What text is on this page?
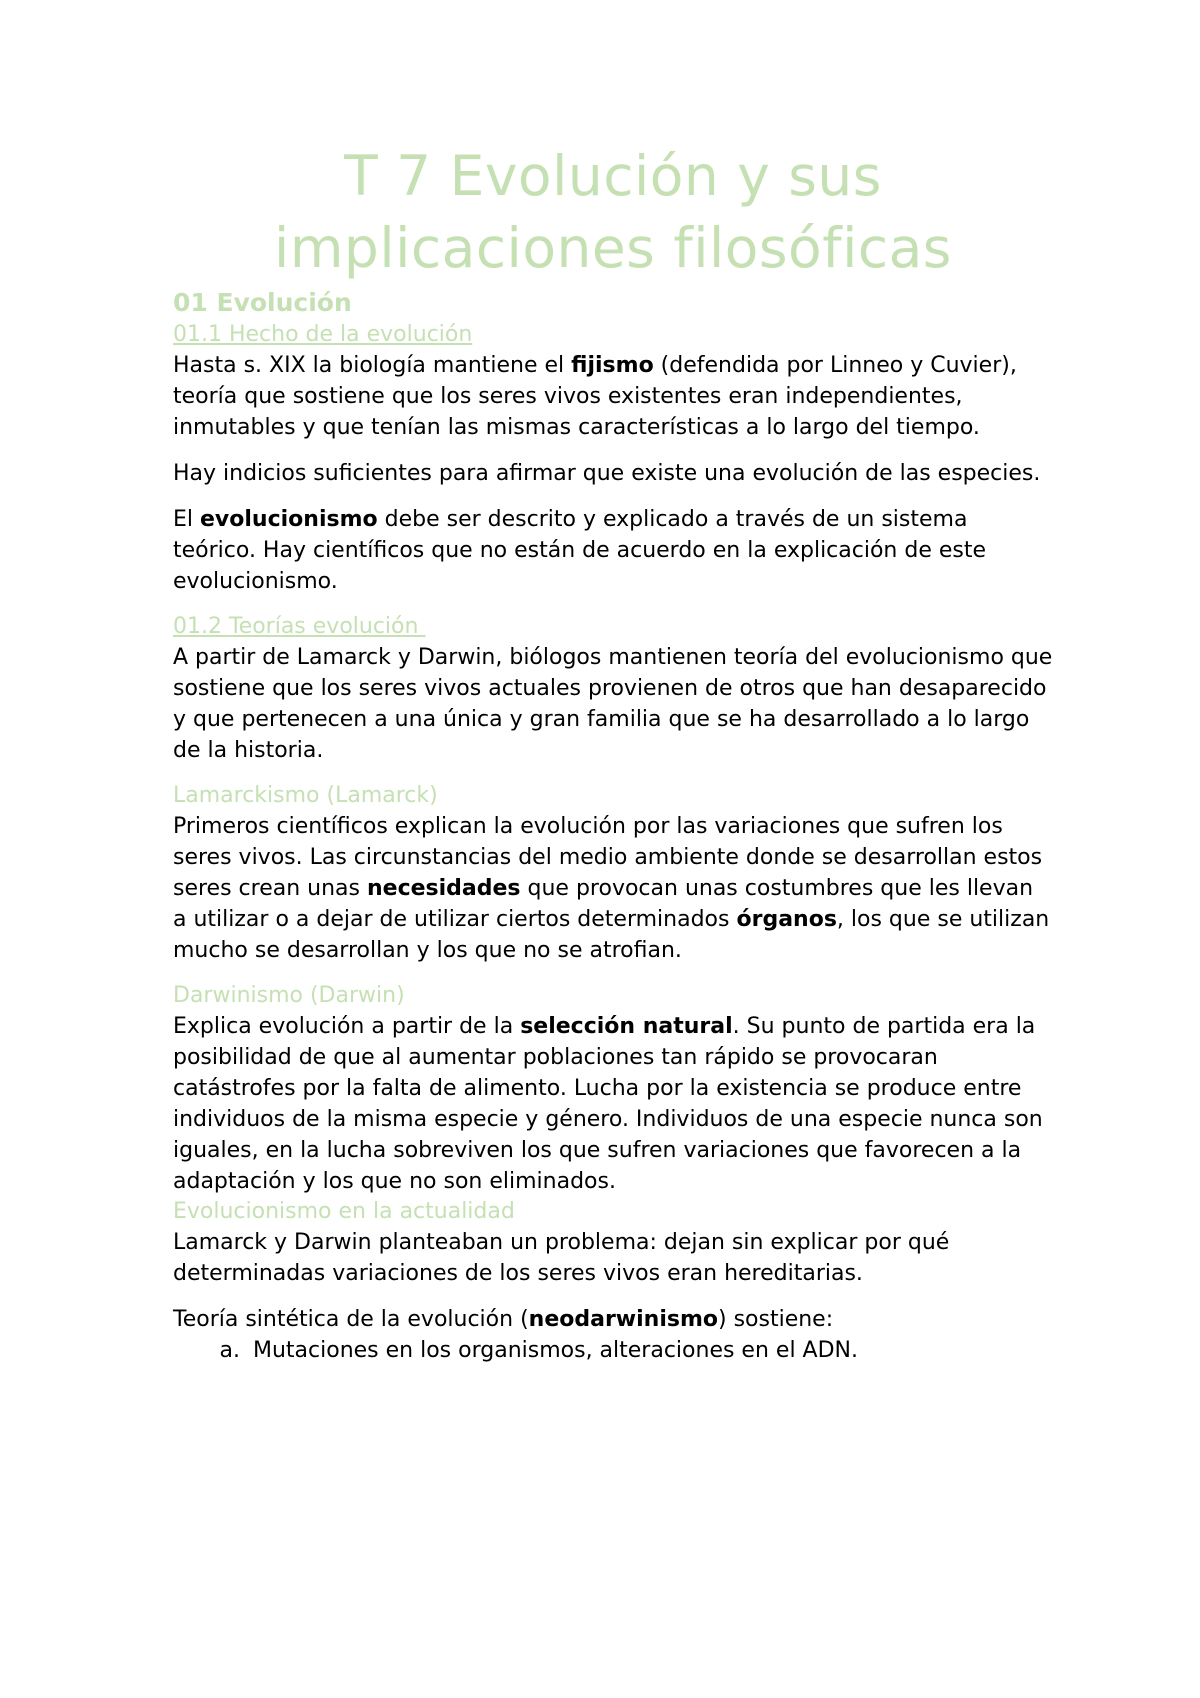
T 7 Evolución y sus
implicaciones filosóficas
01 Evolución
01.1 Hecho de la evolución

Hasta s. XIX la biología mantiene el fijismo (defendida por Linneo y Cuvier), teoría que sostiene que los seres vivos existentes eran independientes, inmutables y que tenían las mismas características a lo largo del tiempo.

Hay indicios suficientes para afirmar que existe una evolución de las especies.

El evolucionismo debe ser descrito y explicado a través de un sistema teórico. Hay científicos que no están de acuerdo en la explicación de este evolucionismo.

01.2 Teorías evolución

A partir de Lamarck y Darwin, biólogos mantienen teoría del evolucionismo que sostiene que los seres vivos actuales provienen de otros que han desaparecido y que pertenecen a una única y gran familia que se ha desarrollado a lo largo de la historia.

Lamarckismo (Lamarck)

Primeros científicos explican la evolución por las variaciones que sufren los seres vivos. Las circunstancias del medio ambiente donde se desarrollan estos seres crean unas necesidades que provocan unas costumbres que les llevan a utilizar o a dejar de utilizar ciertos determinados órganos, los que se utilizan mucho se desarrollan y los que no se atrofian.

Darwinismo (Darwin)

Explica evolución a partir de la selección natural. Su punto de partida era la posibilidad de que al aumentar poblaciones tan rápido se provocaran catástrofes por la falta de alimento. Lucha por la existencia se produce entre individuos de la misma especie y género. Individuos de una especie nunca son iguales, en la lucha sobreviven los que sufren variaciones que favorecen a la adaptación y los que no son eliminados.

Evolucionismo en la actualidad

Lamarck y Darwin planteaban un problema: dejan sin explicar por qué determinadas variaciones de los seres vivos eran hereditarias.

Teoría sintética de la evolución (neodarwinismo) sostiene:

a. Mutaciones en los organismos, alteraciones en el ADN.
